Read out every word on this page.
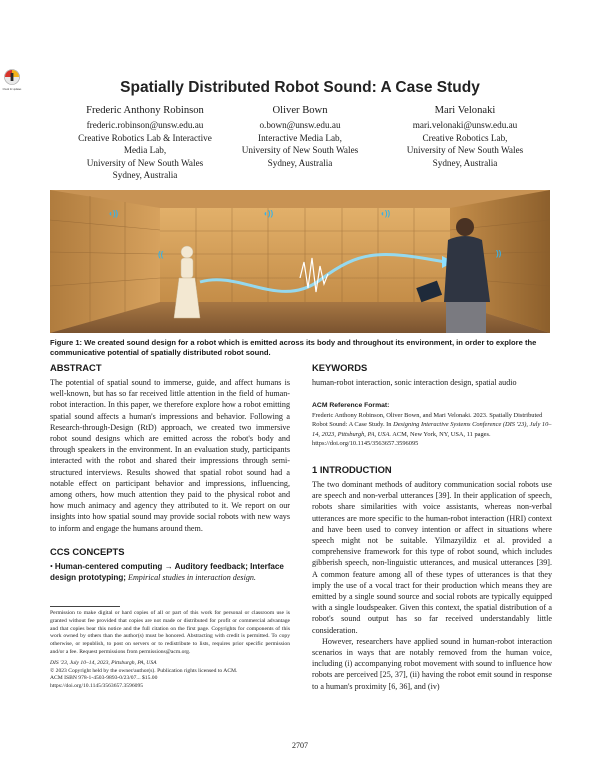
Check for updates	Spatially Distributed Robot Sound: A Case Study
Frederic Anthony Robinson
frederic.robinson@unsw.edu.au
Creative Robotics Lab & Interactive
Media Lab,
University of New South Wales
Sydney, Australia
Oliver Bown
o.bown@unsw.edu.au
Interactive Media Lab,
University of New South Wales
Sydney, Australia
Mari Velonaki
mari.velonaki@unsw.edu.au
Creative Robotics Lab,
University of New South Wales
Sydney, Australia
◖))	◖))	◖))
((	))
Figure 1: We created sound design for a robot which is emitted across its body and throughout its environment, in order to explore the communicative potential of spatially distributed robot sound.
ABSTRACT

The potential of spatial sound to immerse, guide, and affect humans is well-known, but has so far received little attention in the field of human-robot interaction. In this paper, we therefore explore how a robot emitting spatial sound affects a human's impressions and behavior. Following a Research-through-Design (RtD) approach, we created two immersive robot sound designs which are emitted across the robot's body and through speakers in the environment. In an evaluation study, participants interacted with the robot and shared their impressions through semi-structured interviews. Results showed that spatial robot sound had a notable effect on participant behavior and impressions, influencing, among others, how much attention they paid to the physical robot and how much animacy and agency they attributed to it. We report on our insights into how spatial sound may provide social robots with new ways to inform and engage the humans around them.

CCS CONCEPTS

• Human-centered computing → Auditory feedback; Interface design prototyping; Empirical studies in interaction design.

Permission to make digital or hard copies of all or part of this work for personal or classroom use is granted without fee provided that copies are not made or distributed for profit or commercial advantage and that copies bear this notice and the full citation on the first page. Copyrights for components of this work owned by others than the author(s) must be honored. Abstracting with credit is permitted. To copy otherwise, or republish, to post on servers or to redistribute to lists, requires prior specific permission and/or a fee. Request permissions from permissions@acm.org.
DIS '23, July 10–14, 2023, Pittsburgh, PA, USA
© 2023 Copyright held by the owner/author(s). Publication rights licensed to ACM.
ACM ISBN 978-1-4503-9893-0/23/07... $15.00
https://doi.org/10.1145/3563657.3596095
KEYWORDS

human-robot interaction, sonic interaction design, spatial audio

ACM Reference Format:

Frederic Anthony Robinson, Oliver Bown, and Mari Velonaki. 2023. Spatially Distributed Robot Sound: A Case Study. In Designing Interactive Systems Conference (DIS '23), July 10–14, 2023, Pittsburgh, PA, USA. ACM, New York, NY, USA, 11 pages. https://doi.org/10.1145/3563657.3596095

1 INTRODUCTION

The two dominant methods of auditory communication social robots use are speech and non-verbal utterances [39]. In their application of speech, robots share similarities with voice assistants, whereas non-verbal utterances are more specific to the human-robot interaction (HRI) context and have been used to convey intention or affect in situations where speech might not be suitable. Yilmazyildiz et al. provided a comprehensive framework for this type of robot sound, which includes gibberish speech, non-linguistic utterances, and musical utterances [39]. A common feature among all of these types of utterances is that they imply the use of a vocal tract for their production which means they are emitted by a single sound source and social robots are typically equipped with a single loudspeaker. Given this context, the spatial distribution of a robot's sound output has so far received understandably little consideration.

However, researchers have applied sound in human-robot interaction scenarios in ways that are notably removed from the human voice, including (i) accompanying robot movement with sound to influence how robots are perceived [25, 37], (ii) having the robot emit sound in response to a human's proximity [6, 36], and (iv)

2707
